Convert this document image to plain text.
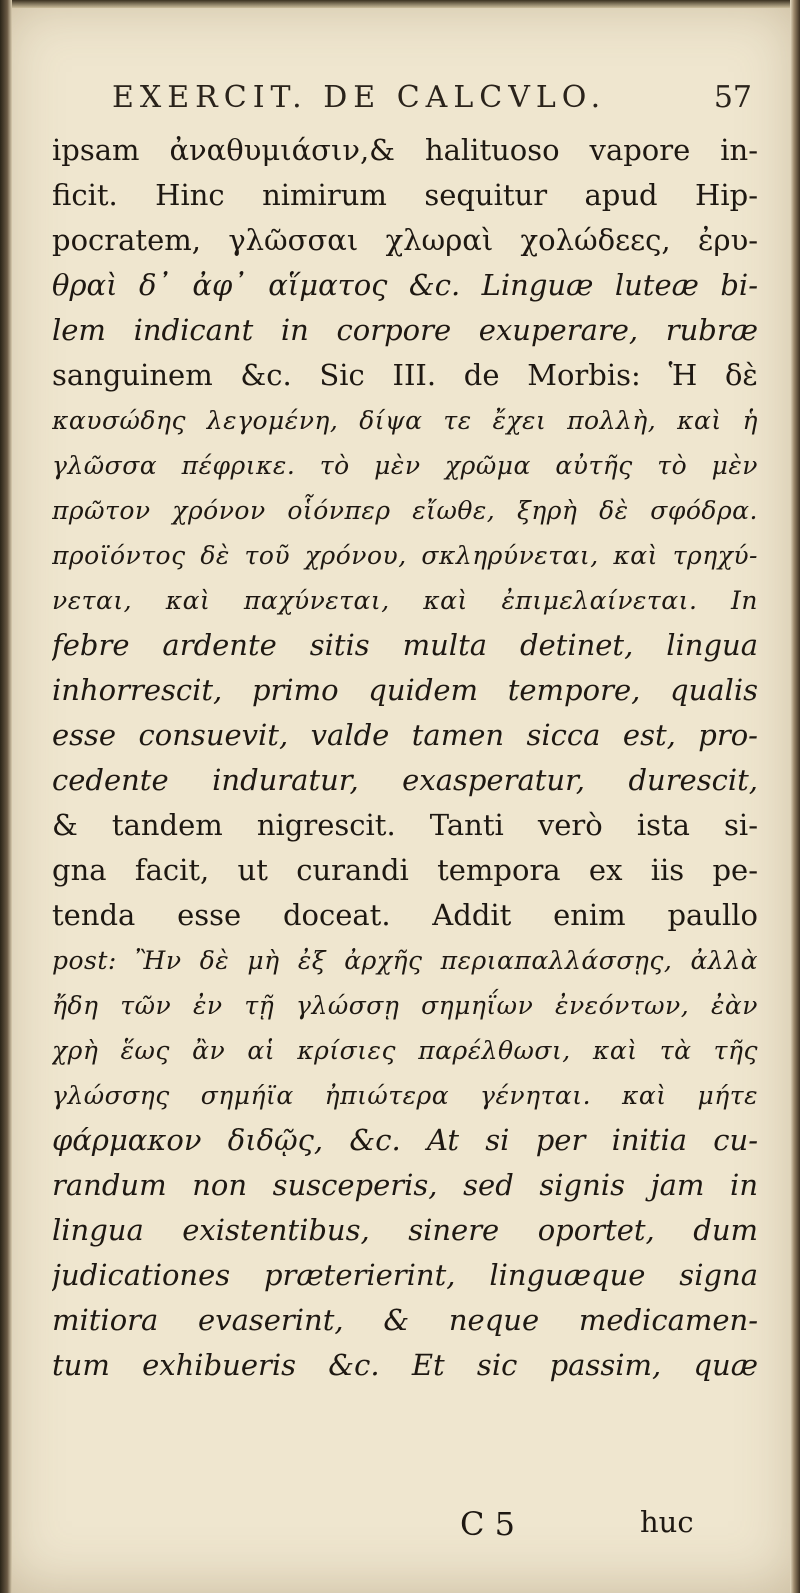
EXERCIT. DE CALCVLO.	57
ipsam ἀναθυμιάσιν,& halituoso vapore in-
ficit. Hinc nimirum sequitur apud Hip-
pocratem, γλῶσσαι χλωραὶ χολώδεες, ἐρυ-
θραὶ δ᾽ ἀφ᾽ αἵματος &c. Linguæ luteæ bi-
lem indicant in corpore exuperare, rubræ
sanguinem &c. Sic III. de Morbis: Ἡ δὲ
καυσώδης λεγομένη, δίψα τε ἔχει πολλὴ, καὶ ἡ
γλῶσσα πέφρικε. τὸ μὲν χρῶμα αὐτῆς τὸ μὲν
πρῶτον χρόνον οἷόνπερ εἴωθε, ξηρὴ δὲ σφόδρα.
προϊόντος δὲ τοῦ χρόνου, σκληρύνεται, καὶ τρηχύ-
νεται, καὶ παχύνεται, καὶ ἐπιμελαίνεται. In
febre ardente sitis multa detinet, lingua
inhorrescit, primo quidem tempore, qualis
esse consuevit, valde tamen sicca est, pro-
cedente induratur, exasperatur, durescit,
& tandem nigrescit. Tanti verò ista si-
gna facit, ut curandi tempora ex iis pe-
tenda esse doceat. Addit enim paullo
post: Ἢν δὲ μὴ ἐξ ἀρχῆς περιαπαλλάσσῃς, ἀλλὰ
ἤδη τῶν ἐν τῇ γλώσσῃ σημηΐων ἐνεόντων, ἐὰν
χρὴ ἕως ἂν αἱ κρίσιες παρέλθωσι, καὶ τὰ τῆς
γλώσσης σημήϊα ἠπιώτερα γένηται. καὶ μήτε
φάρμακον διδῷς, &c. At si per initia cu-
randum non susceperis, sed signis jam in
lingua existentibus, sinere oportet, dum
judicationes præterierint, linguæque signa
mitiora evaserint, & neque medicamen-
tum exhibueris &c. Et sic passim, quæ
C 5	huc
